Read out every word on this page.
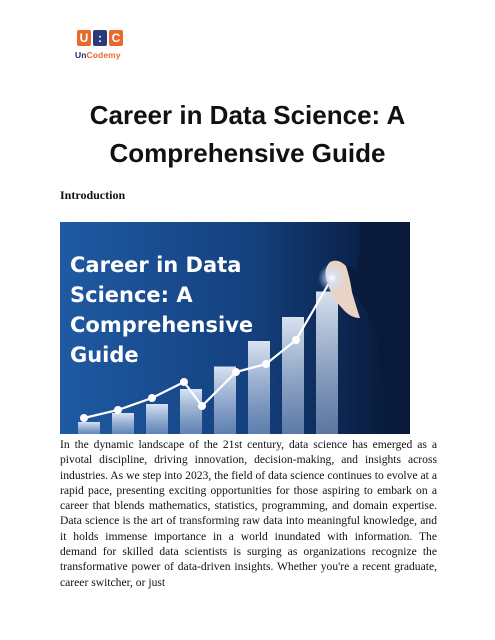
U : C
UnCodemy
Career in Data Science: A Comprehensive Guide
Introduction
Career in Data
Science: A
Comprehensive
Guide

In the dynamic landscape of the 21st century, data science has emerged as a pivotal discipline, driving innovation, decision-making, and insights across industries. As we step into 2023, the field of data science continues to evolve at a rapid pace, presenting exciting opportunities for those aspiring to embark on a career that blends mathematics, statistics, programming, and domain expertise. Data science is the art of transforming raw data into meaningful knowledge, and it holds immense importance in a world inundated with information. The demand for skilled data scientists is surging as organizations recognize the transformative power of data-driven insights. Whether you're a recent graduate, career switcher, or just
